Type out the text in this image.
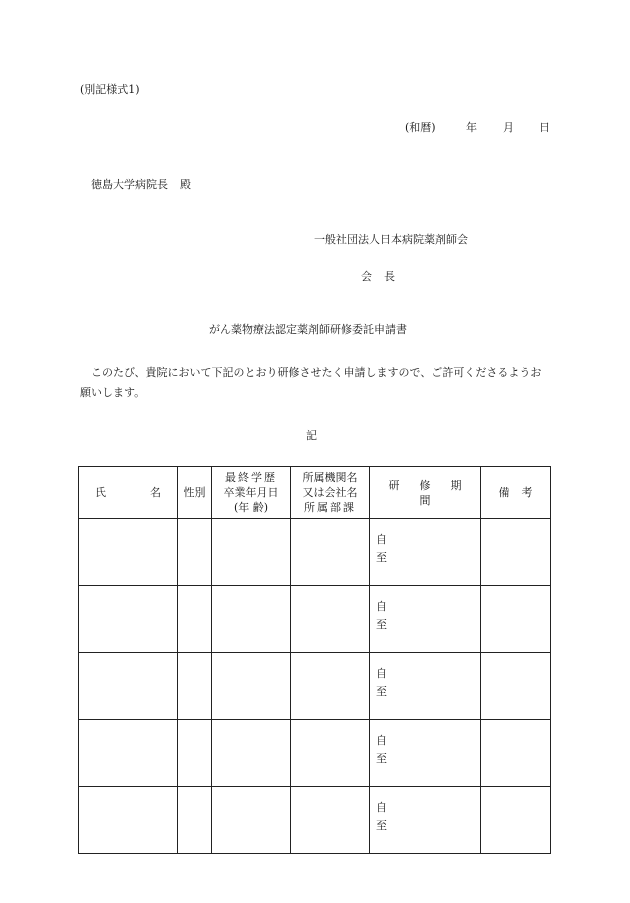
(別記様式1)
(和暦)	年 月 日
徳島大学病院長 殿
一般社団法人日本病院薬剤師会
会 長
がん薬物療法認定薬剤師研修委託申請書
このたび、貴院において下記のとおり研修させたく申請しますので、ご許可くださるようお願いします。
記
氏 名	性別	最終学歴
卒業年月日
(年 齢)	所属機関名
又は会社名
所属部課	研 修 期間	備 考

				自
至	

				自
至	

				自
至	

				自
至	

				自
至	
